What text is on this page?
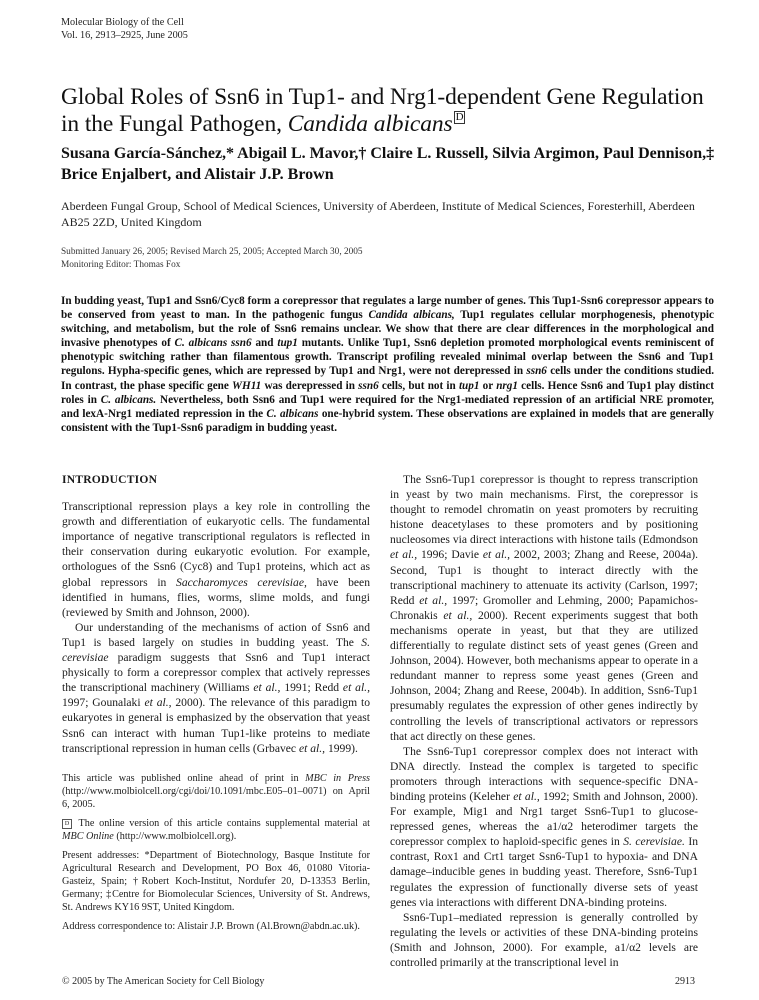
Molecular Biology of the Cell
Vol. 16, 2913–2925, June 2005
Global Roles of Ssn6 in Tup1- and Nrg1-dependent Gene Regulation in the Fungal Pathogen, Candida albicans D
Susana García-Sánchez,* Abigail L. Mavor,† Claire L. Russell, Silvia Argimon, Paul Dennison,‡ Brice Enjalbert, and Alistair J.P. Brown
Aberdeen Fungal Group, School of Medical Sciences, University of Aberdeen, Institute of Medical Sciences, Foresterhill, Aberdeen AB25 2ZD, United Kingdom
Submitted January 26, 2005; Revised March 25, 2005; Accepted March 30, 2005
Monitoring Editor: Thomas Fox
In budding yeast, Tup1 and Ssn6/Cyc8 form a corepressor that regulates a large number of genes. This Tup1-Ssn6 corepressor appears to be conserved from yeast to man. In the pathogenic fungus Candida albicans, Tup1 regulates cellular morphogenesis, phenotypic switching, and metabolism, but the role of Ssn6 remains unclear. We show that there are clear differences in the morphological and invasive phenotypes of C. albicans ssn6 and tup1 mutants. Unlike Tup1, Ssn6 depletion promoted morphological events reminiscent of phenotypic switching rather than filamentous growth. Transcript profiling revealed minimal overlap between the Ssn6 and Tup1 regulons. Hypha-specific genes, which are repressed by Tup1 and Nrg1, were not derepressed in ssn6 cells under the conditions studied. In contrast, the phase specific gene WH11 was derepressed in ssn6 cells, but not in tup1 or nrg1 cells. Hence Ssn6 and Tup1 play distinct roles in C. albicans. Nevertheless, both Ssn6 and Tup1 were required for the Nrg1-mediated repression of an artificial NRE promoter, and lexA-Nrg1 mediated repression in the C. albicans one-hybrid system. These observations are explained in models that are generally consistent with the Tup1-Ssn6 paradigm in budding yeast.
INTRODUCTION

Transcriptional repression plays a key role in controlling the growth and differentiation of eukaryotic cells. The fundamental importance of negative transcriptional regulators is reflected in their conservation during eukaryotic evolution. For example, orthologues of the Ssn6 (Cyc8) and Tup1 proteins, which act as global repressors in Saccharomyces cerevisiae, have been identified in humans, flies, worms, slime molds, and fungi (reviewed by Smith and Johnson, 2000).

Our understanding of the mechanisms of action of Ssn6 and Tup1 is based largely on studies in budding yeast. The S. cerevisiae paradigm suggests that Ssn6 and Tup1 interact physically to form a corepressor complex that actively represses the transcriptional machinery (Williams et al., 1991; Redd et al., 1997; Gounalaki et al., 2000). The relevance of this paradigm to eukaryotes in general is emphasized by the observation that yeast Ssn6 can interact with human Tup1-like proteins to mediate transcriptional repression in human cells (Grbavec et al., 1999).

This article was published online ahead of print in MBC in Press (http://www.molbiolcell.org/cgi/doi/10.1091/mbc.E05–01–0071) on April 6, 2005.

D The online version of this article contains supplemental material at MBC Online (http://www.molbiolcell.org).

Present addresses: *Department of Biotechnology, Basque Institute for Agricultural Research and Development, PO Box 46, 01080 Vitoria-Gasteiz, Spain; †Robert Koch-Institut, Nordufer 20, D-13353 Berlin, Germany; ‡Centre for Biomolecular Sciences, University of St. Andrews, St. Andrews KY16 9ST, United Kingdom.

Address correspondence to: Alistair J.P. Brown (Al.Brown@abdn.ac.uk).

The Ssn6-Tup1 corepressor is thought to repress transcription in yeast by two main mechanisms. First, the corepressor is thought to remodel chromatin on yeast promoters by recruiting histone deacetylases to these promoters and by positioning nucleosomes via direct interactions with histone tails (Edmondson et al., 1996; Davie et al., 2002, 2003; Zhang and Reese, 2004a). Second, Tup1 is thought to interact directly with the transcriptional machinery to attenuate its activity (Carlson, 1997; Redd et al., 1997; Gromoller and Lehming, 2000; Papamichos-Chronakis et al., 2000). Recent experiments suggest that both mechanisms operate in yeast, but that they are utilized differentially to regulate distinct sets of yeast genes (Green and Johnson, 2004). However, both mechanisms appear to operate in a redundant manner to repress some yeast genes (Green and Johnson, 2004; Zhang and Reese, 2004b). In addition, Ssn6-Tup1 presumably regulates the expression of other genes indirectly by controlling the levels of transcriptional activators or repressors that act directly on these genes.

The Ssn6-Tup1 corepressor complex does not interact with DNA directly. Instead the complex is targeted to specific promoters through interactions with sequence-specific DNA-binding proteins (Keleher et al., 1992; Smith and Johnson, 2000). For example, Mig1 and Nrg1 target Ssn6-Tup1 to glucose-repressed genes, whereas the a1/α2 heterodimer targets the corepressor complex to haploid-specific genes in S. cerevisiae. In contrast, Rox1 and Crt1 target Ssn6-Tup1 to hypoxia- and DNA damage–inducible genes in budding yeast. Therefore, Ssn6-Tup1 regulates the expression of functionally diverse sets of yeast genes via interactions with different DNA-binding proteins.

Ssn6-Tup1–mediated repression is generally controlled by regulating the levels or activities of these DNA-binding proteins (Smith and Johnson, 2000). For example, a1/α2 levels are controlled primarily at the transcriptional level in

© 2005 by The American Society for Cell Biology	2913
